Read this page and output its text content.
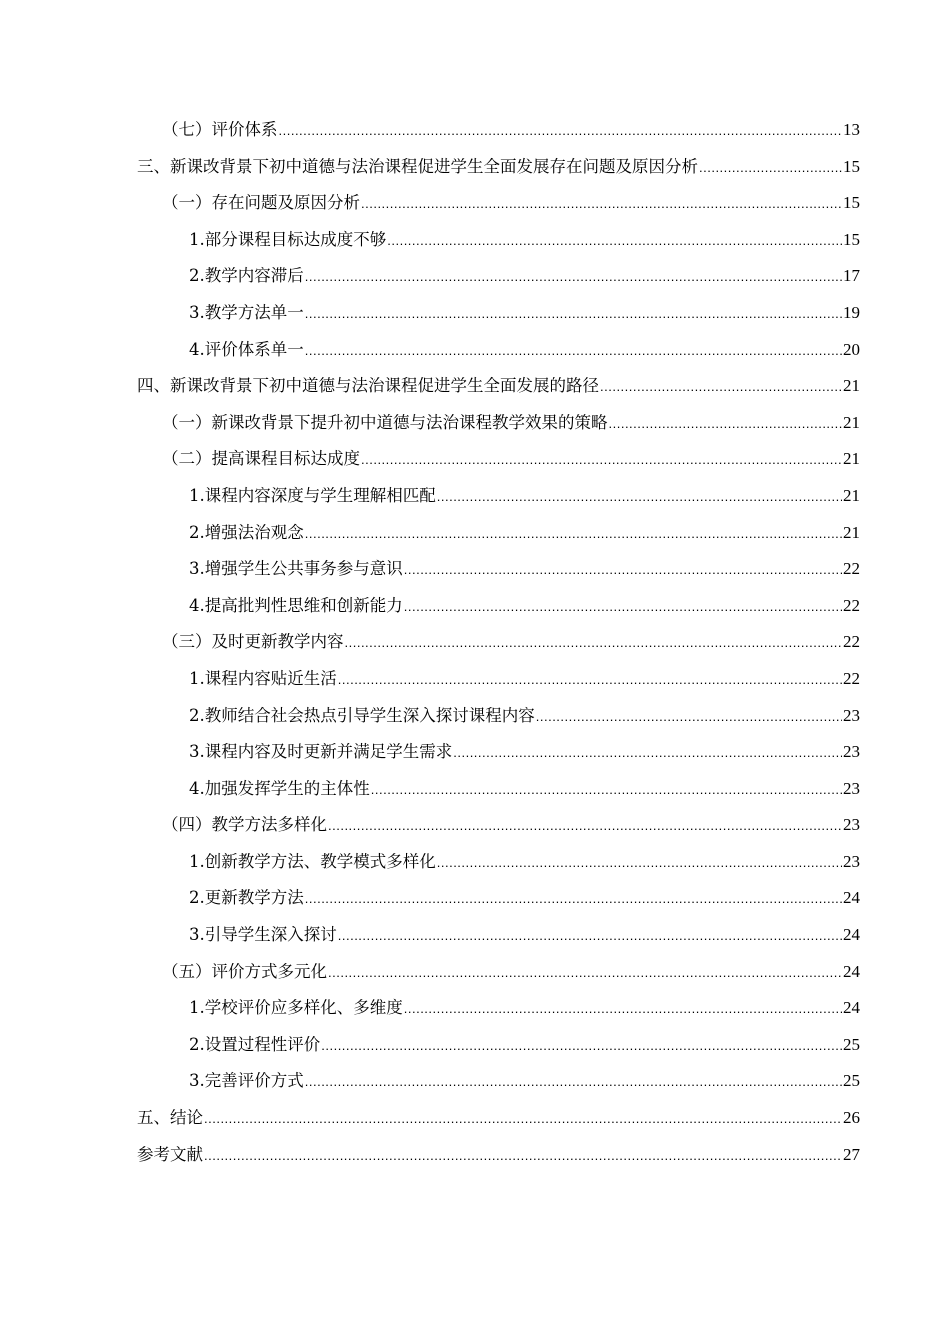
（七）评价体系 .....	13
三、新课改背景下初中道德与法治课程促进学生全面发展存在问题及原因分析 .....	15
（一）存在问题及原因分析 .....	15
1.部分课程目标达成度不够 .....	15
2.教学内容滞后 .....	17
3.教学方法单一 .....	19
4.评价体系单一 .....	20
四、新课改背景下初中道德与法治课程促进学生全面发展的路径 .....	21
（一）新课改背景下提升初中道德与法治课程教学效果的策略 .....	21
（二）提高课程目标达成度 .....	21
1.课程内容深度与学生理解相匹配 .....	21
2.增强法治观念 .....	21
3.增强学生公共事务参与意识 .....	22
4.提高批判性思维和创新能力 .....	22
（三）及时更新教学内容 .....	22
1.课程内容贴近生活 .....	22
2.教师结合社会热点引导学生深入探讨课程内容 .....	23
3.课程内容及时更新并满足学生需求 .....	23
4.加强发挥学生的主体性 .....	23
（四）教学方法多样化 .....	23
1.创新教学方法、教学模式多样化 .....	23
2.更新教学方法 .....	24
3.引导学生深入探讨 .....	24
（五）评价方式多元化 .....	24
1.学校评价应多样化、多维度 .....	24
2.设置过程性评价 .....	25
3.完善评价方式 .....	25
五、结论 .....	26
参考文献 .....	27
